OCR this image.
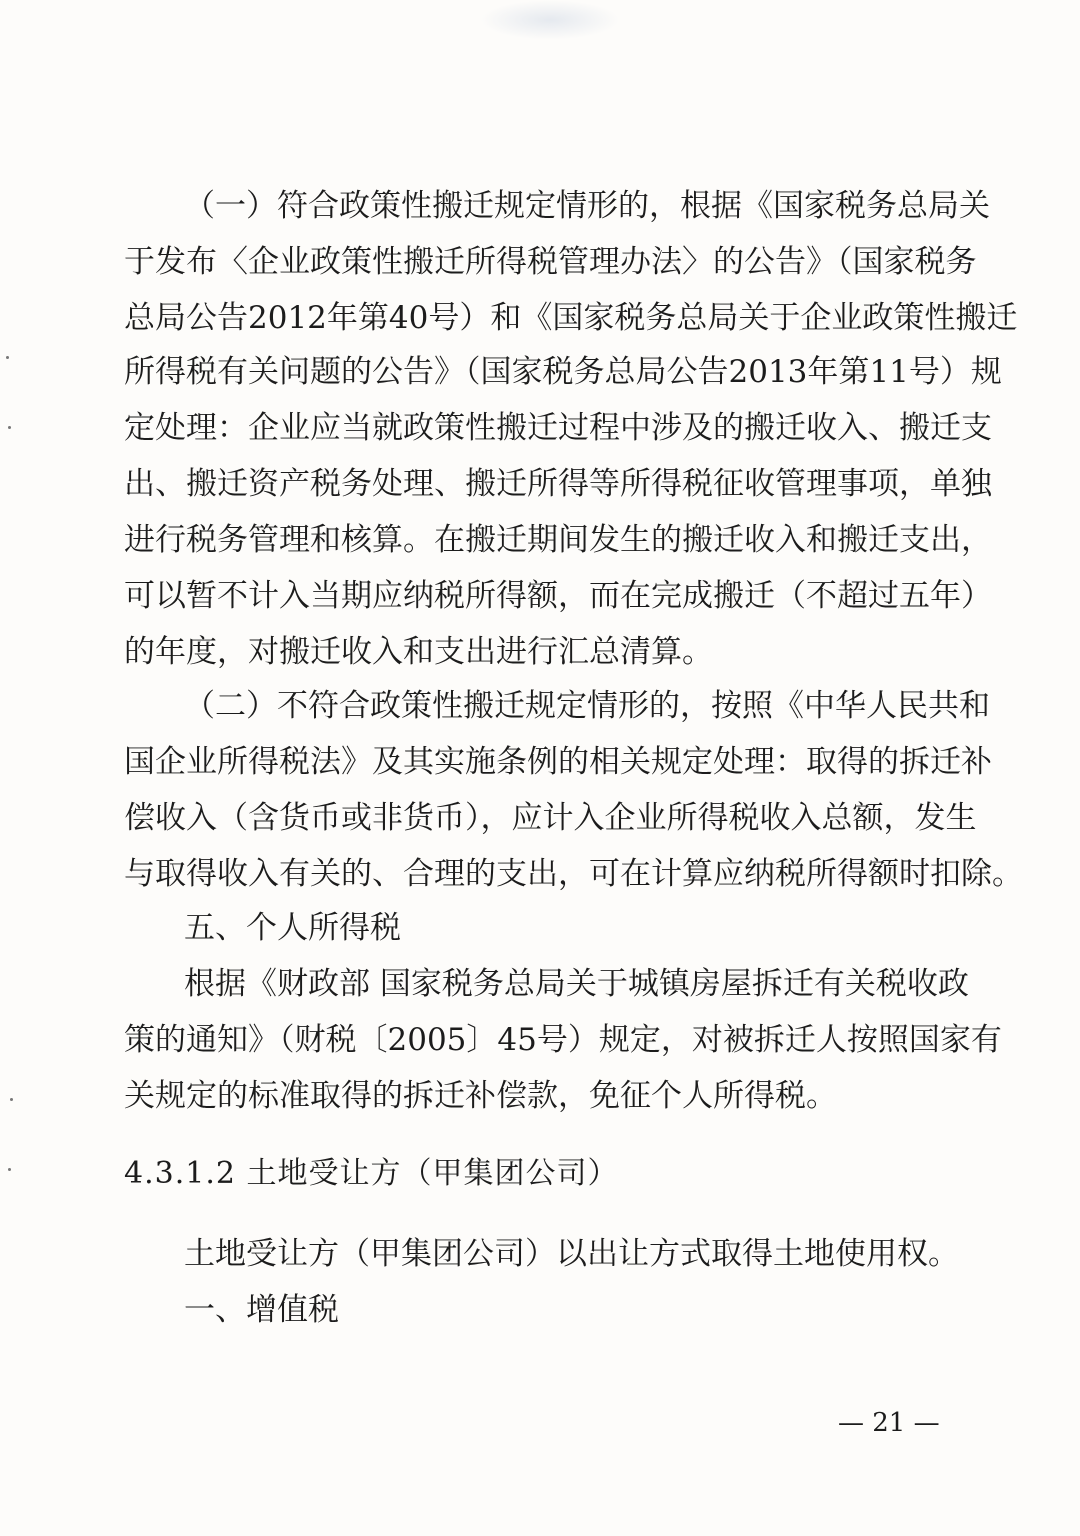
（一）符合政策性搬迁规定情形的，根据《国家税务总局关
于发布〈企业政策性搬迁所得税管理办法〉的公告》（国家税务
总局公告2012年第40号）和《国家税务总局关于企业政策性搬迁
所得税有关问题的公告》（国家税务总局公告2013年第11号）规
定处理：企业应当就政策性搬迁过程中涉及的搬迁收入、搬迁支
出、搬迁资产税务处理、搬迁所得等所得税征收管理事项，单独
进行税务管理和核算。在搬迁期间发生的搬迁收入和搬迁支出，
可以暂不计入当期应纳税所得额，而在完成搬迁（不超过五年）
的年度，对搬迁收入和支出进行汇总清算。
（二）不符合政策性搬迁规定情形的，按照《中华人民共和
国企业所得税法》及其实施条例的相关规定处理：取得的拆迁补
偿收入（含货币或非货币），应计入企业所得税收入总额，发生
与取得收入有关的、合理的支出，可在计算应纳税所得额时扣除。
五、个人所得税
根据《财政部 国家税务总局关于城镇房屋拆迁有关税收政
策的通知》（财税〔2005〕45号）规定，对被拆迁人按照国家有
关规定的标准取得的拆迁补偿款，免征个人所得税。
4.3.1.2 土地受让方（甲集团公司）
土地受让方（甲集团公司）以出让方式取得土地使用权。
一、增值税
— 21 —
